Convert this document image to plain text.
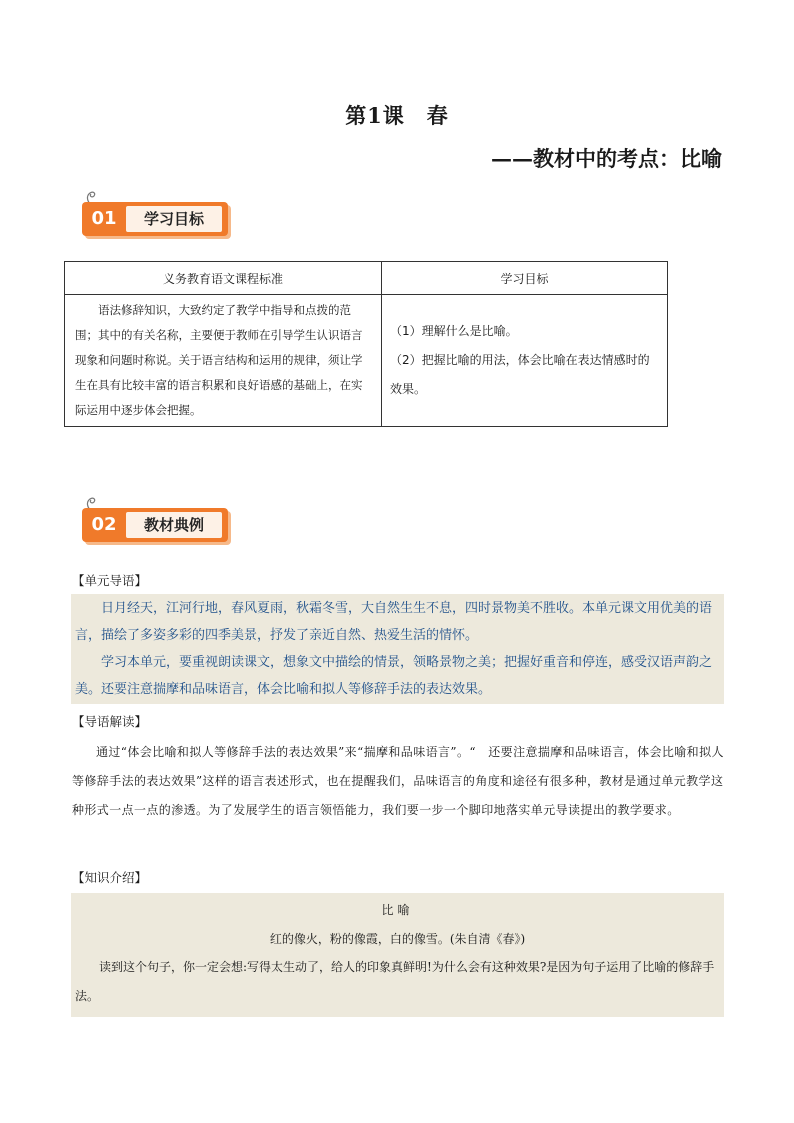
第1课　春
——教材中的考点：比喻
01	学习目标
义务教育语文课程标准	学习目标
语法修辞知识，大致约定了教学中指导和点拨的范围；其中的有关名称，主要便于教师在引导学生认识语言现象和问题时称说。关于语言结构和运用的规律，须让学生在具有比较丰富的语言积累和良好语感的基础上，在实际运用中逐步体会把握。	（1）理解什么是比喻。
（2）把握比喻的用法，体会比喻在表达情感时的效果。
02	教材典例
【单元导语】

日月经天，江河行地，春风夏雨，秋霜冬雪，大自然生生不息，四时景物美不胜收。本单元课文用优美的语言，描绘了多姿多彩的四季美景，抒发了亲近自然、热爱生活的情怀。

学习本单元，要重视朗读课文，想象文中描绘的情景，领略景物之美；把握好重音和停连，感受汉语声韵之美。还要注意揣摩和品味语言，体会比喻和拟人等修辞手法的表达效果。

【导语解读】
通过“体会比喻和拟人等修辞手法的表达效果”来“揣摩和品味语言”。“　还要注意揣摩和品味语言，体会比喻和拟人等修辞手法的表达效果”这样的语言表述形式，也在提醒我们，品味语言的角度和途径有很多种，教材是通过单元教学这种形式一点一点的渗透。为了发展学生的语言领悟能力，我们要一步一个脚印地落实单元导读提出的教学要求。
【知识介绍】
比喻
红的像火，粉的像霞，白的像雪。(朱自清《春》)
读到这个句子，你一定会想:写得太生动了，给人的印象真鲜明!为什么会有这种效果?是因为句子运用了比喻的修辞手法。
